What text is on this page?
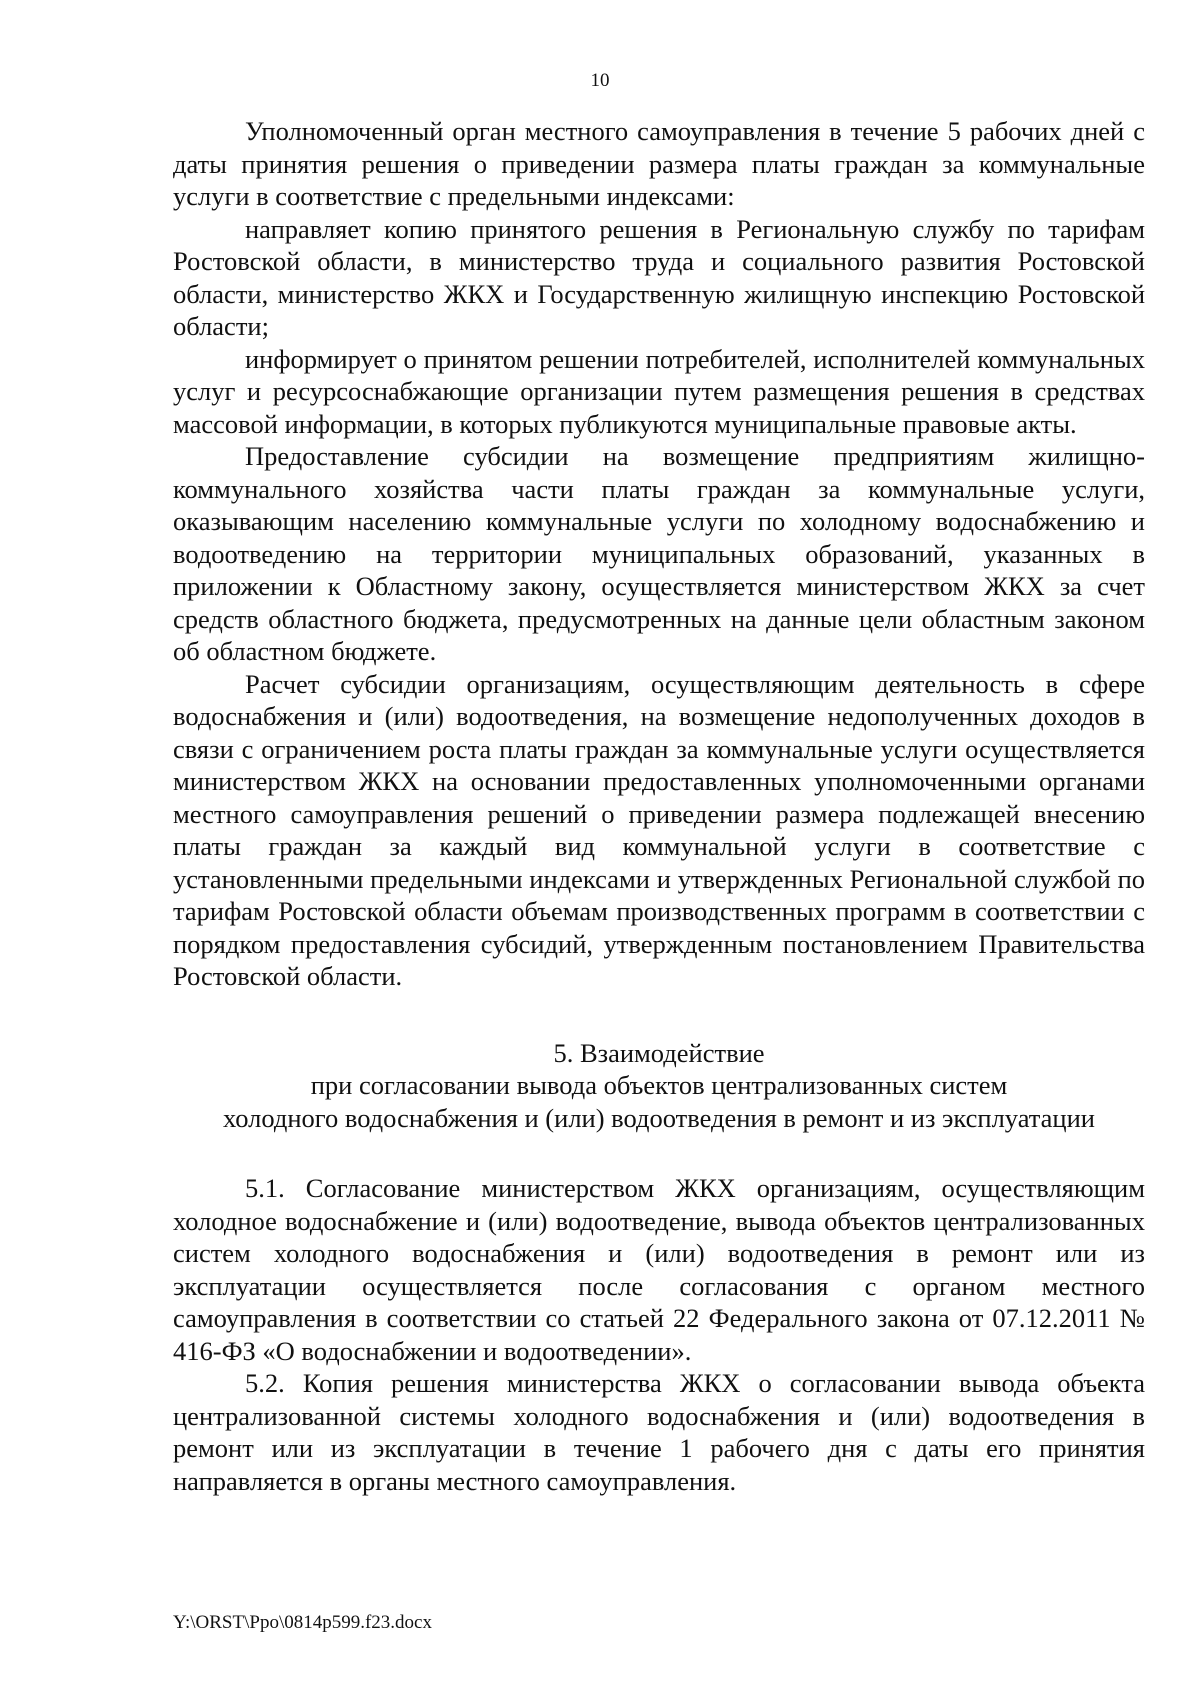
10

Уполномоченный орган местного самоуправления в течение 5 рабочих дней с даты принятия решения о приведении размера платы граждан за коммунальные услуги в соответствие с предельными индексами:

направляет копию принятого решения в Региональную службу по тарифам Ростовской области, в министерство труда и социального развития Ростовской области, министерство ЖКХ и Государственную жилищную инспекцию Ростовской области;

информирует о принятом решении потребителей, исполнителей коммунальных услуг и ресурсоснабжающие организации путем размещения решения в средствах массовой информации, в которых публикуются муниципальные правовые акты.

Предоставление субсидии на возмещение предприятиям жилищно-коммунального хозяйства части платы граждан за коммунальные услуги, оказывающим населению коммунальные услуги по холодному водоснабжению и водоотведению на территории муниципальных образований, указанных в приложении к Областному закону, осуществляется министерством ЖКХ за счет средств областного бюджета, предусмотренных на данные цели областным законом об областном бюджете.

Расчет субсидии организациям, осуществляющим деятельность в сфере водоснабжения и (или) водоотведения, на возмещение недополученных доходов в связи с ограничением роста платы граждан за коммунальные услуги осуществляется министерством ЖКХ на основании предоставленных уполномоченными органами местного самоуправления решений о приведении размера подлежащей внесению платы граждан за каждый вид коммунальной услуги в соответствие с установленными предельными индексами и утвержденных Региональной службой по тарифам Ростовской области объемам производственных программ в соответствии с порядком предоставления субсидий, утвержденным постановлением Правительства Ростовской области.

5. Взаимодействие
при согласовании вывода объектов централизованных систем
холодного водоснабжения и (или) водоотведения в ремонт и из эксплуатации

5.1. Согласование министерством ЖКХ организациям, осуществляющим холодное водоснабжение и (или) водоотведение, вывода объектов централизованных систем холодного водоснабжения и (или) водоотведения в ремонт или из эксплуатации осуществляется после согласования с органом местного самоуправления в соответствии со статьей 22 Федерального закона от 07.12.2011 № 416-ФЗ «О водоснабжении и водоотведении».

5.2. Копия решения министерства ЖКХ о согласовании вывода объекта централизованной системы холодного водоснабжения и (или) водоотведения в ремонт или из эксплуатации в течение 1 рабочего дня с даты его принятия направляется в органы местного самоуправления.

Y:\ORST\Ppo\0814p599.f23.docx
